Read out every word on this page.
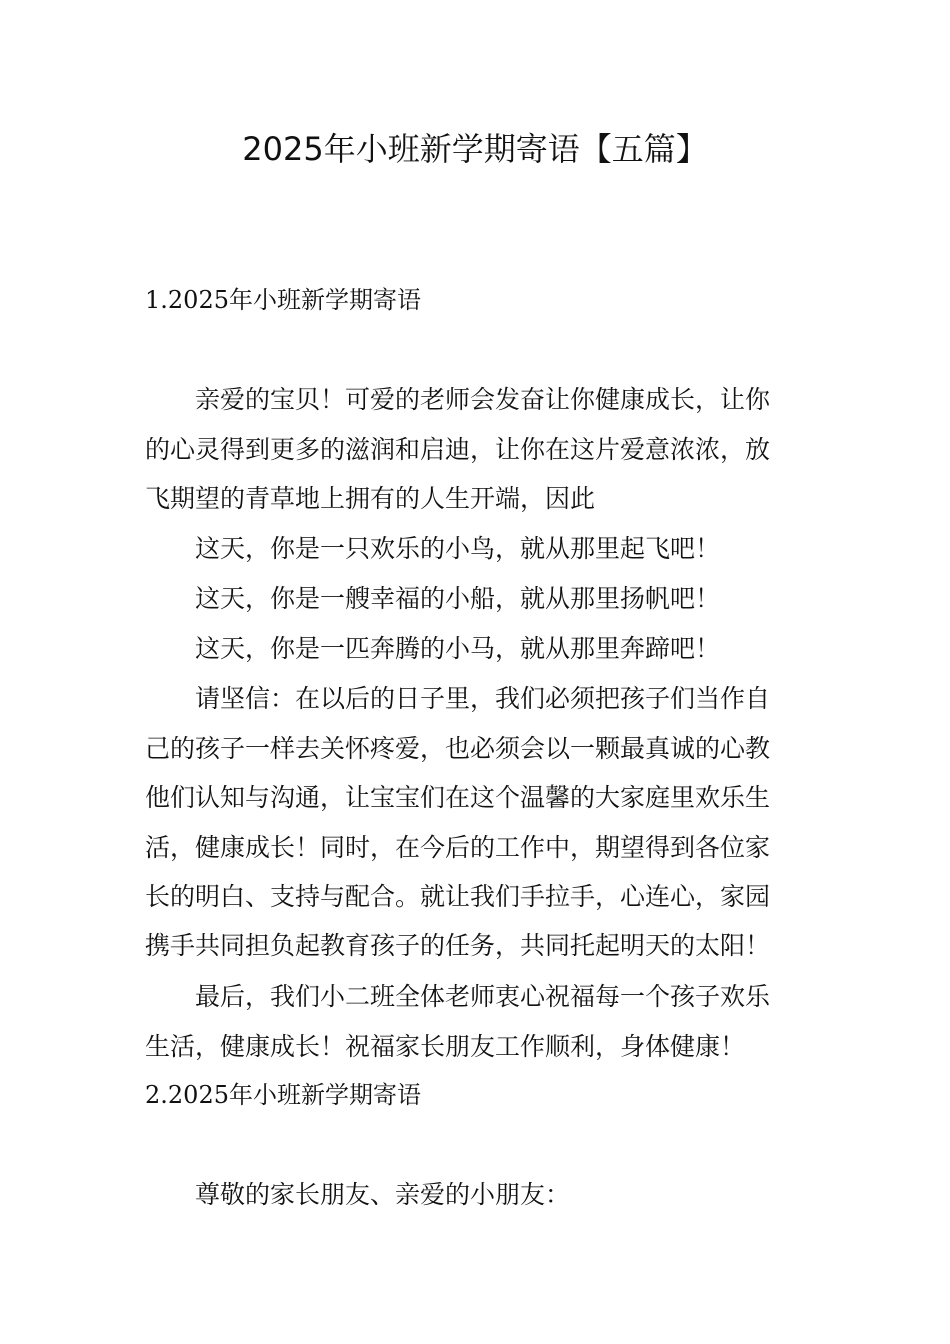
2025年小班新学期寄语【五篇】
1.2025年小班新学期寄语
亲爱的宝贝！可爱的老师会发奋让你健康成长，让你
的心灵得到更多的滋润和启迪，让你在这片爱意浓浓，放
飞期望的青草地上拥有的人生开端，因此
这天，你是一只欢乐的小鸟，就从那里起飞吧！
这天，你是一艘幸福的小船，就从那里扬帆吧！
这天，你是一匹奔腾的小马，就从那里奔蹄吧！
请坚信：在以后的日子里，我们必须把孩子们当作自
己的孩子一样去关怀疼爱，也必须会以一颗最真诚的心教
他们认知与沟通，让宝宝们在这个温馨的大家庭里欢乐生
活，健康成长！同时，在今后的工作中，期望得到各位家
长的明白、支持与配合。就让我们手拉手，心连心，家园
携手共同担负起教育孩子的任务，共同托起明天的太阳！
最后，我们小二班全体老师衷心祝福每一个孩子欢乐
生活，健康成长！祝福家长朋友工作顺利，身体健康！
2.2025年小班新学期寄语
尊敬的家长朋友、亲爱的小朋友：
